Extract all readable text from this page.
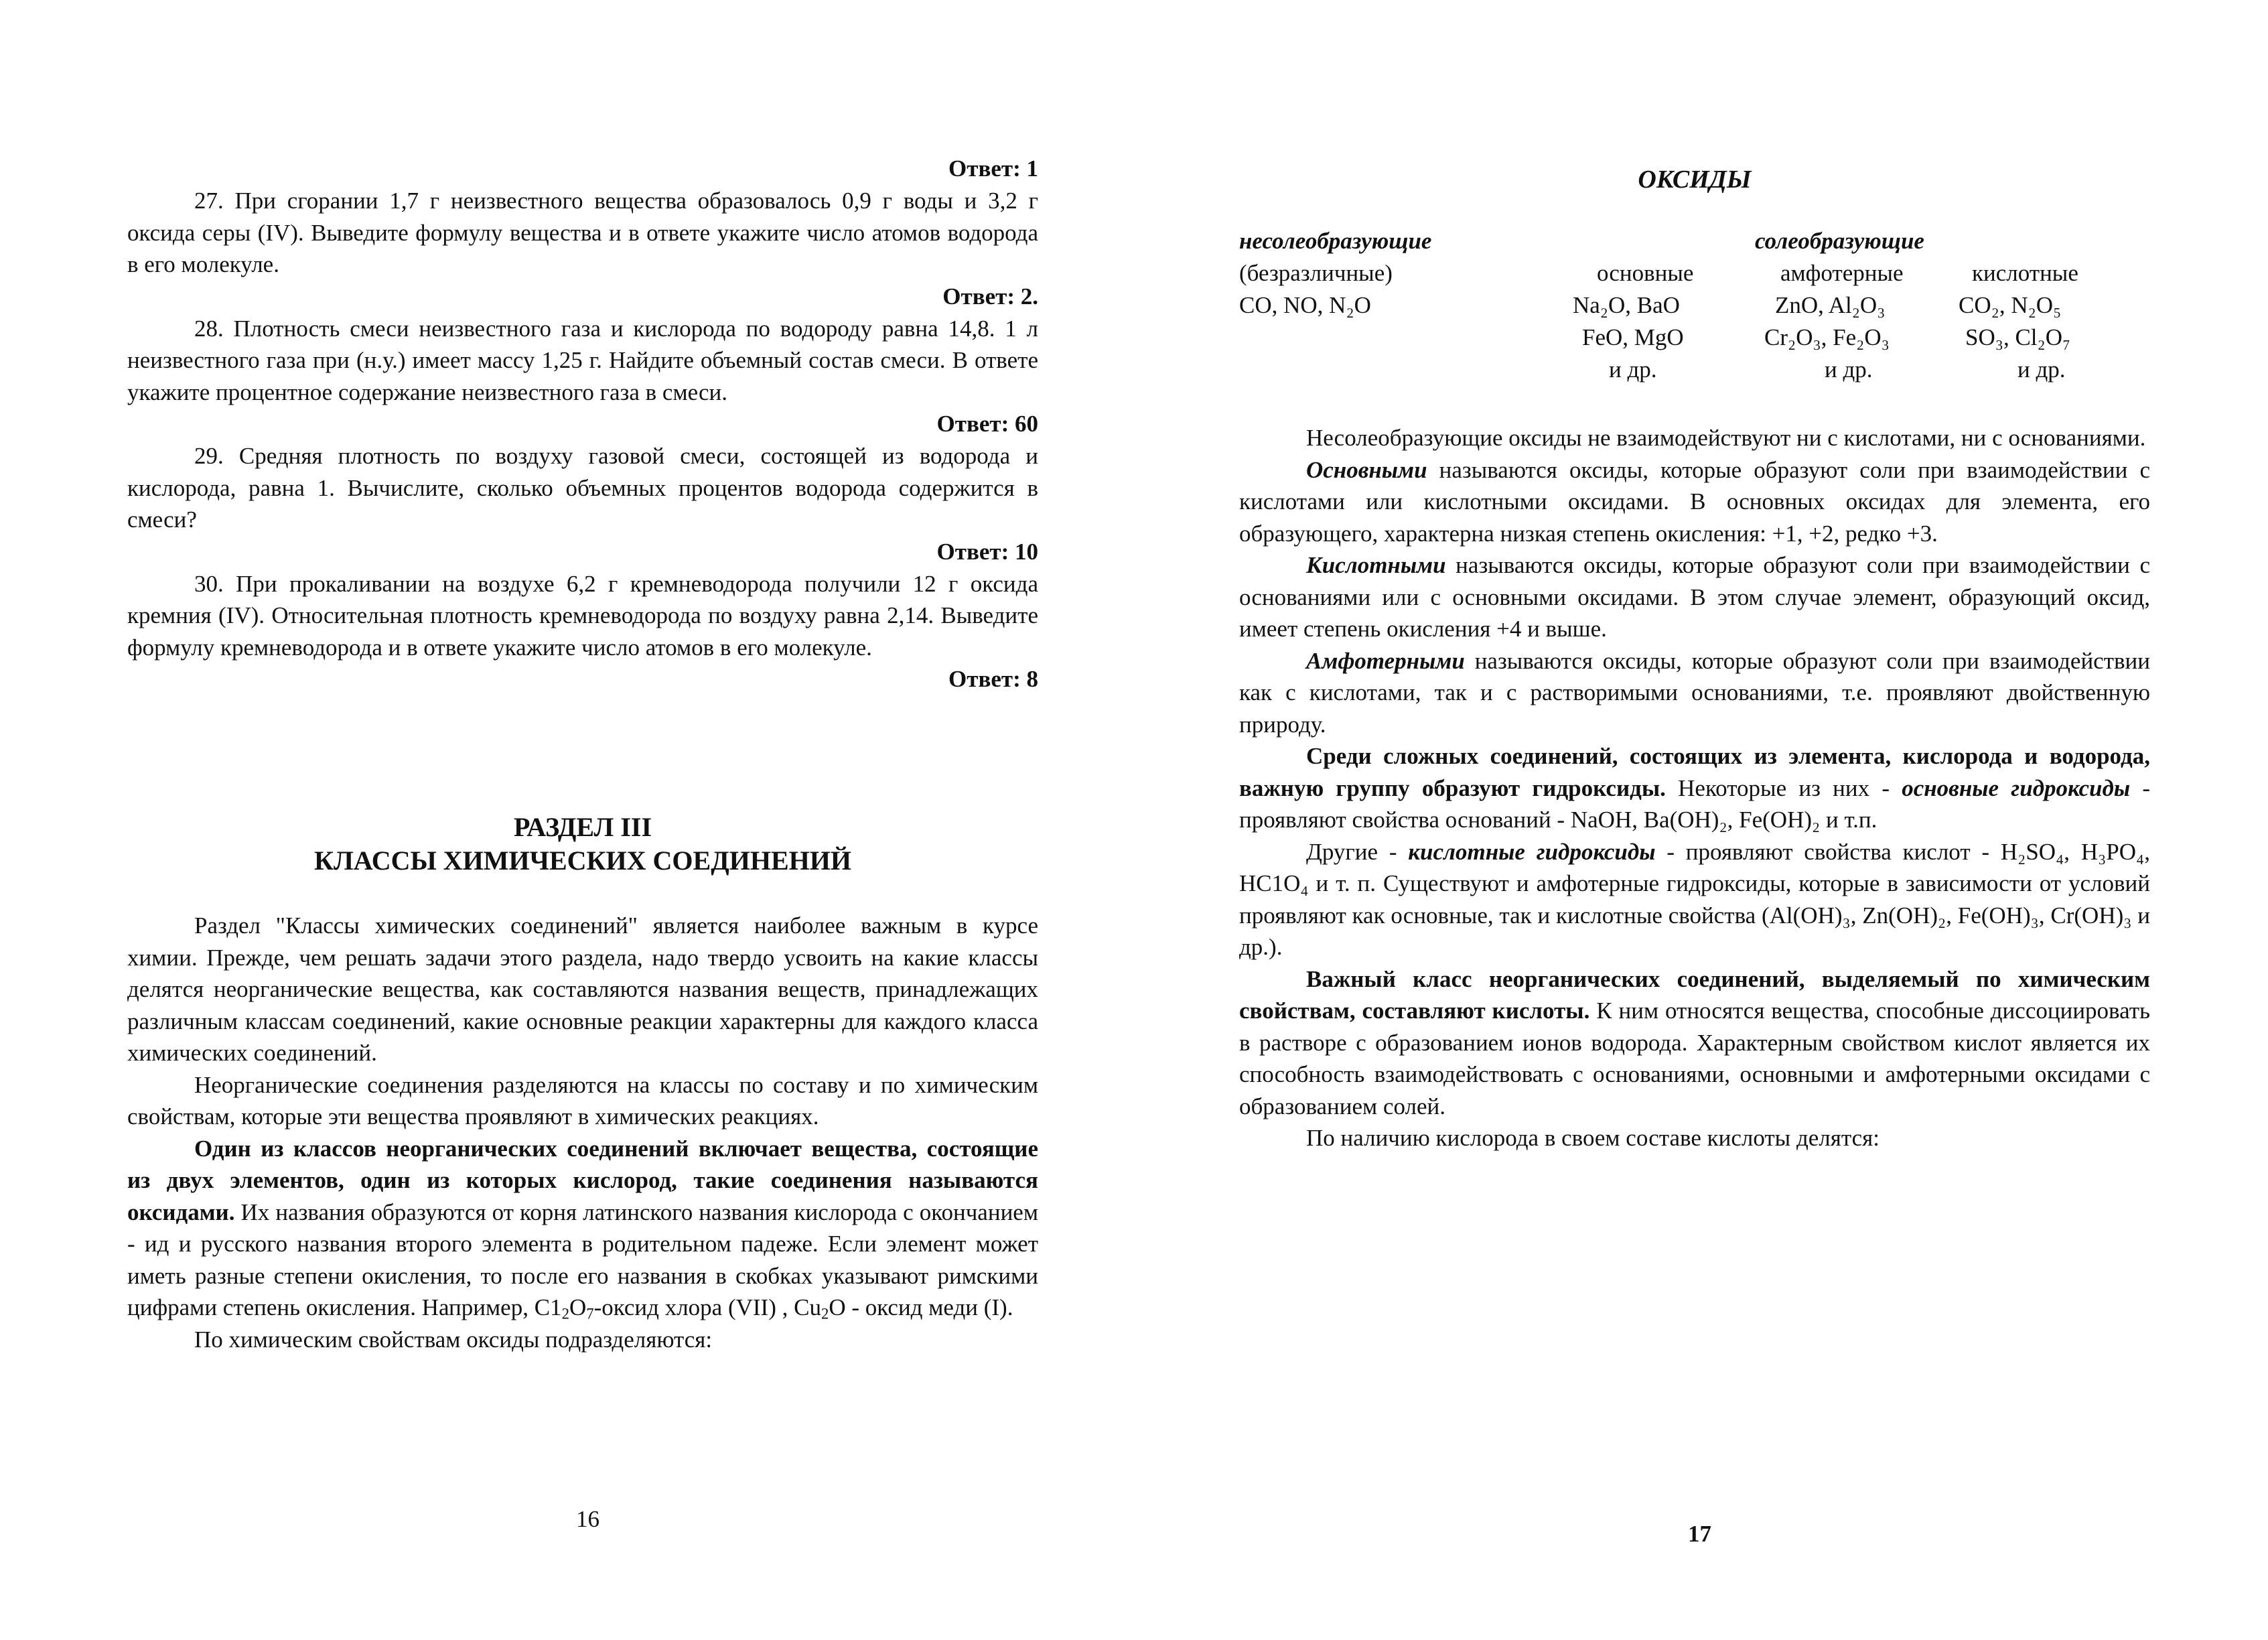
Ответ: 1

27. При сгорании 1,7 г неизвестного вещества образовалось 0,9 г воды и 3,2 г оксида серы (IV). Выведите формулу вещества и в ответе укажите число атомов водорода в его молекуле.

Ответ: 2.

28. Плотность смеси неизвестного газа и кислорода по водороду равна 14,8. 1 л неизвестного газа при (н.у.) имеет массу 1,25 г. Найдите объемный состав смеси. В ответе укажите процентное содержание неизвестного газа в смеси.

Ответ: 60

29. Средняя плотность по воздуху газовой смеси, состоящей из водорода и кислорода, равна 1. Вычислите, сколько объемных процентов водорода содержится в смеси?

Ответ: 10

30. При прокаливании на воздухе 6,2 г кремневодорода получили 12 г оксида кремния (IV). Относительная плотность кремневодорода по воздуху равна 2,14. Выведите формулу кремневодорода и в ответе укажите число атомов в его молекуле.

Ответ: 8

РАЗДЕЛ III

КЛАССЫ ХИМИЧЕСКИХ СОЕДИНЕНИЙ

Раздел "Классы химических соединений" является наиболее важным в курсе химии. Прежде, чем решать задачи этого раздела, надо твердо усвоить на какие классы делятся неорганические вещества, как составляются названия веществ, принадлежащих различным классам соединений, какие основные реакции характерны для каждого класса химических соединений.

Неорганические соединения разделяются на классы по составу и по химическим свойствам, которые эти вещества проявляют в химических реакциях.

Один из классов неорганических соединений включает вещества, состоящие из двух элементов, один из которых кислород, такие соединения называются оксидами. Их названия образуются от корня латинского названия кислорода с окончанием - ид и русского названия второго элемента в родительном падеже. Если элемент может иметь разные степени окисления, то после его названия в скобках указывают римскими цифрами степень окисления. Например, $C1_2O_7$-оксид хлора (VII) , $Cu_2O$ - оксид меди (I).

По химическим свойствам оксиды подразделяются:

16

ОКСИДЫ

несолеобразующие
(безразличные)
CO, NO, N₂O
солеобразующие
основные
Na₂O, BaO
FeO, MgO
и др.
амфотерные
ZnO, Al₂O₃
Cr₂O₃, Fe₂O₃
и др.
кислотные
CO₂, N₂O₅
SO₃, Cl₂O₇
и др.

Несолеобразующие оксиды не взаимодействуют ни с кислотами, ни с основаниями.

Основными называются оксиды, которые образуют соли при взаимодействии с кислотами или кислотными оксидами. В основных оксидах для элемента, его образующего, характерна низкая степень окисления: +1, +2, редко +3.

Кислотными называются оксиды, которые образуют соли при взаимодействии с основаниями или с основными оксидами. В этом случае элемент, образующий оксид, имеет степень окисления +4 и выше.

Амфотерными называются оксиды, которые образуют соли при взаимодействии как с кислотами, так и с растворимыми основаниями, т.е. проявляют двойственную природу.

Среди сложных соединений, состоящих из элемента, кислорода и водорода, важную группу образуют гидроксиды. Некоторые из них - основные гидроксиды - проявляют свойства оснований - NaOH, Ba(OH)₂, Fe(OH)₂ и т.п.

Другие - кислотные гидроксиды - проявляют свойства кислот - H₂SO₄, H₃PO₄, HC1O₄ и т. п. Существуют и амфотерные гидроксиды, которые в зависимости от условий проявляют как основные, так и кислотные свойства (Al(OH)₃, Zn(OH)₂, Fe(OH)₃, Cr(OH)₃ и др.).

Важный класс неорганических соединений, выделяемый по химическим свойствам, составляют кислоты. К ним относятся вещества, способные диссоциировать в растворе с образованием ионов водорода. Характерным свойством кислот является их способность взаимодействовать с основаниями, основными и амфотерными оксидами с образованием солей.

По наличию кислорода в своем составе кислоты делятся:

17
